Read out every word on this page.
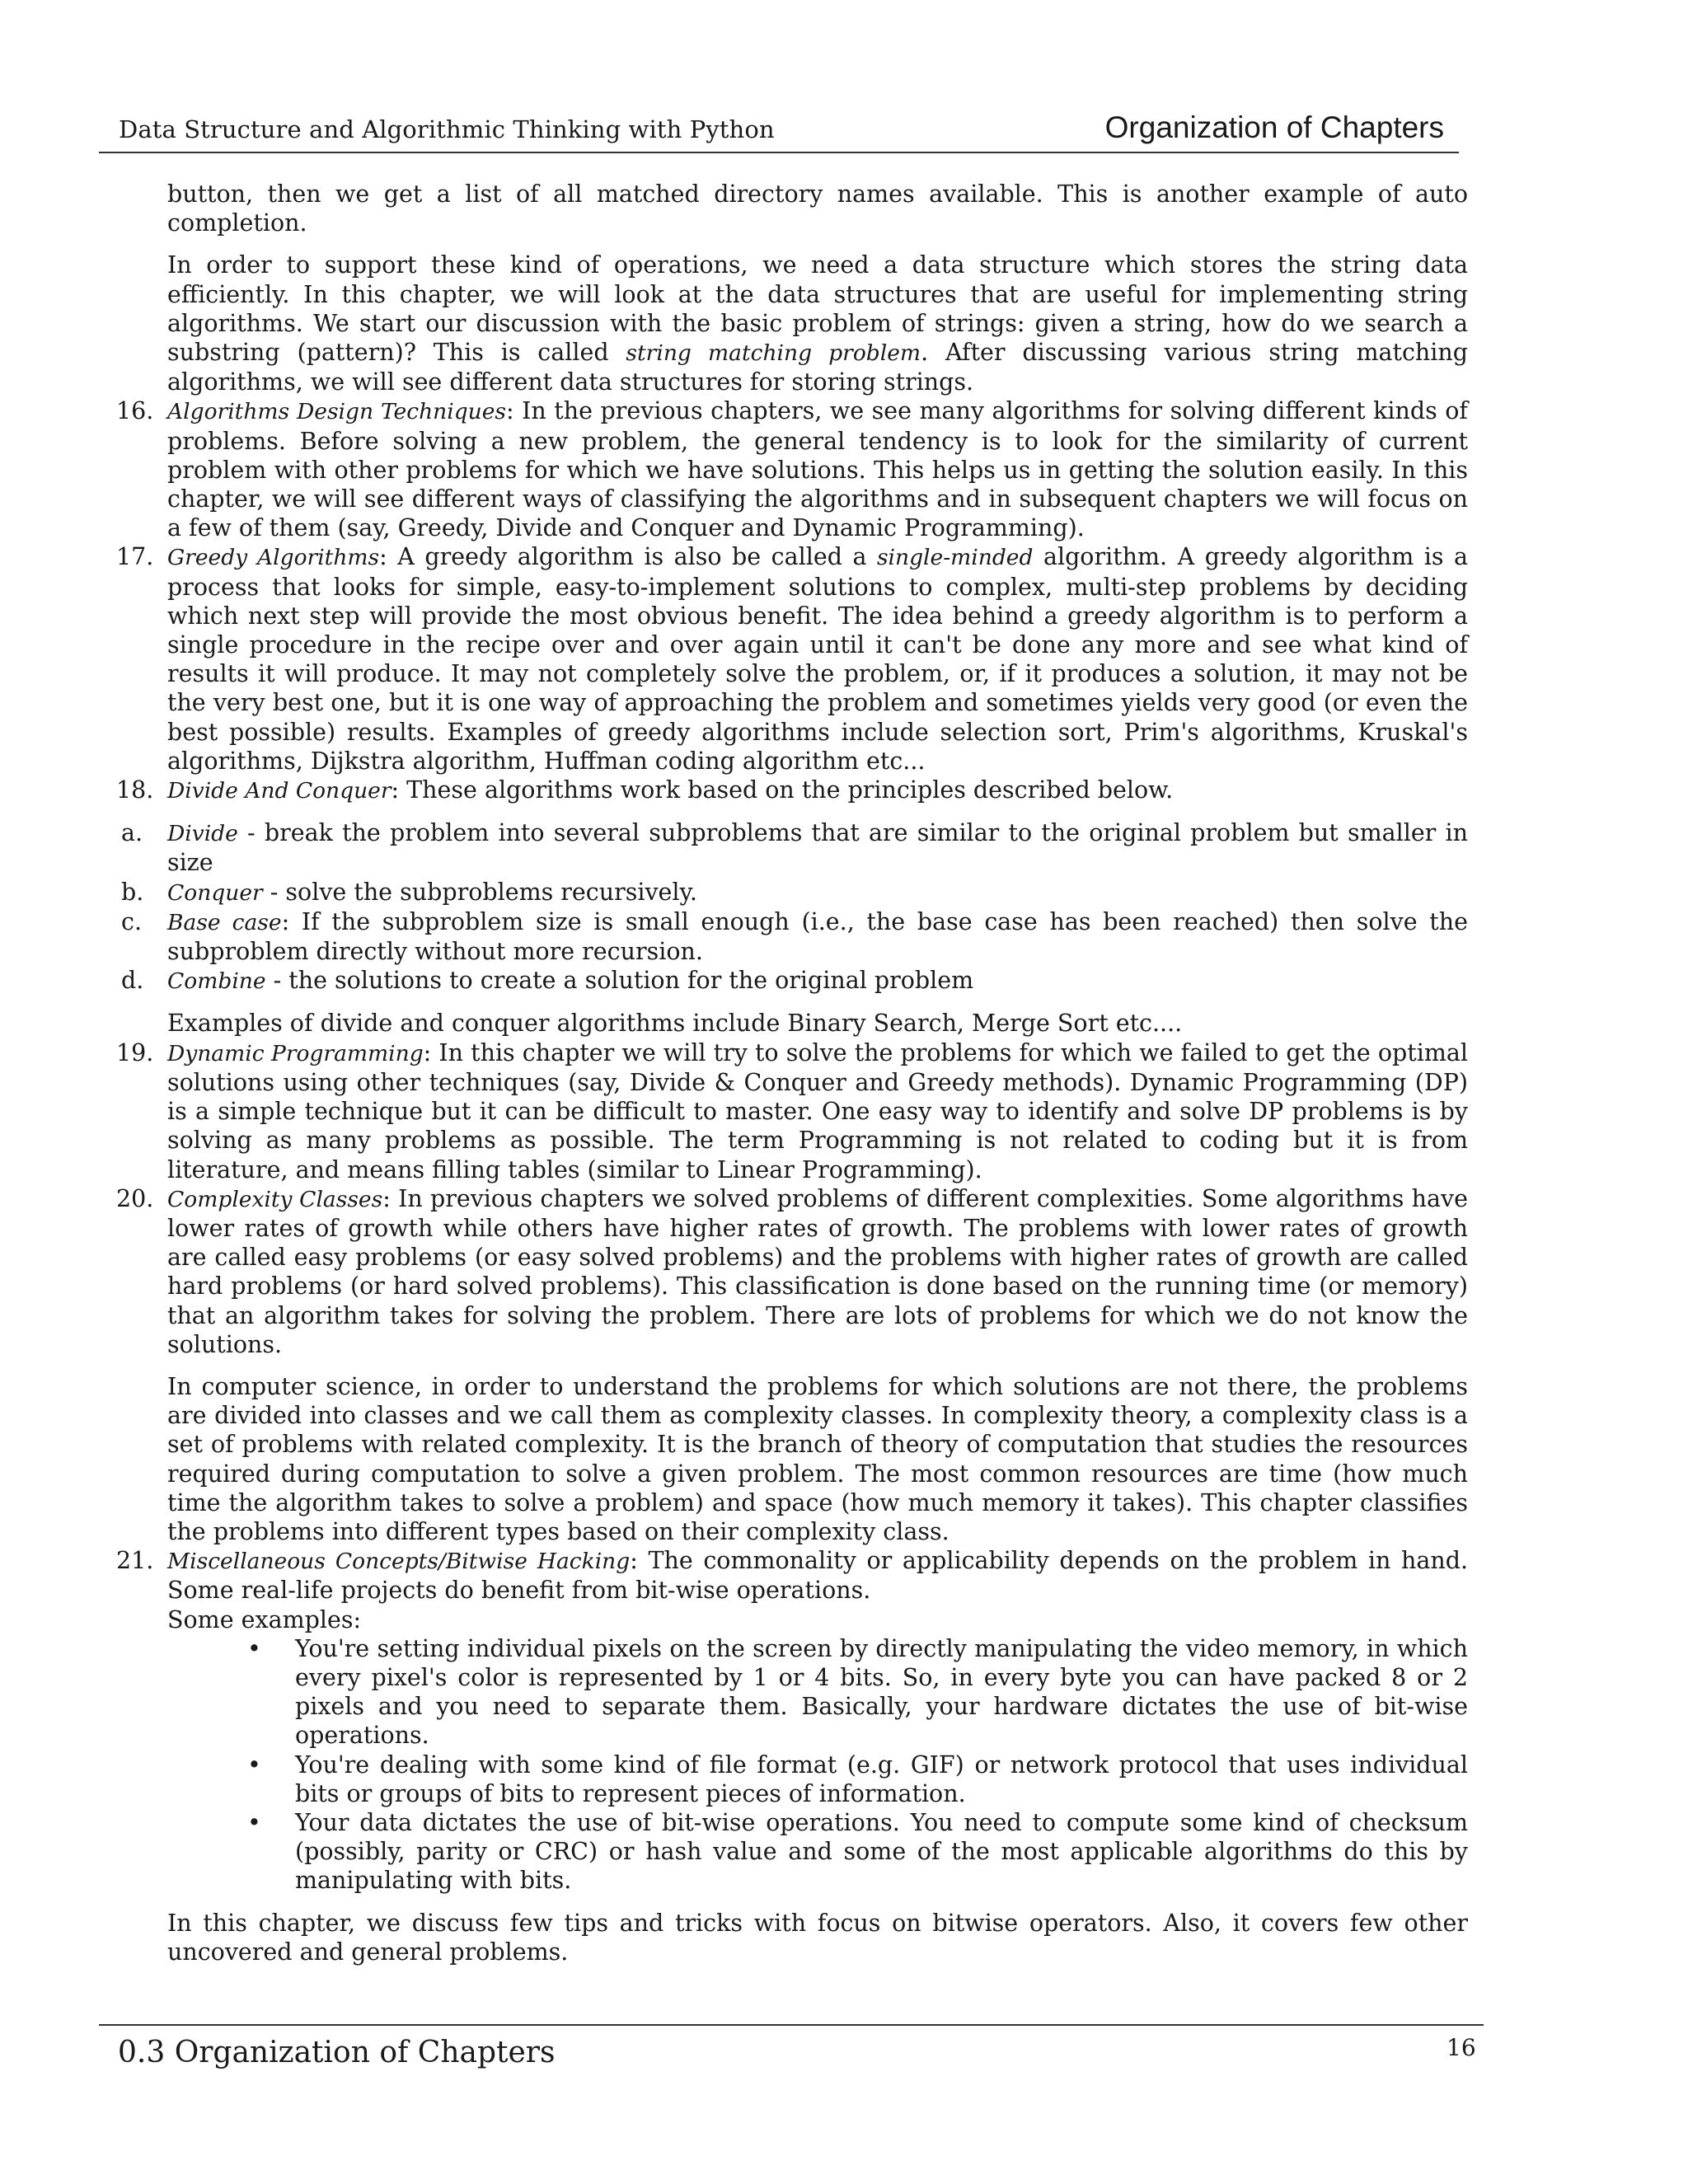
Data Structure and Algorithmic Thinking with Python	Organization of Chapters

button, then we get a list of all matched directory names available. This is another example of auto completion.

In order to support these kind of operations, we need a data structure which stores the string data efficiently. In this chapter, we will look at the data structures that are useful for implementing string algorithms. We start our discussion with the basic problem of strings: given a string, how do we search a substring (pattern)? This is called string matching problem. After discussing various string matching algorithms, we will see different data structures for storing strings.

16. Algorithms Design Techniques: In the previous chapters, we see many algorithms for solving different kinds of problems. Before solving a new problem, the general tendency is to look for the similarity of current problem with other problems for which we have solutions. This helps us in getting the solution easily. In this chapter, we will see different ways of classifying the algorithms and in subsequent chapters we will focus on a few of them (say, Greedy, Divide and Conquer and Dynamic Programming).

17. Greedy Algorithms: A greedy algorithm is also be called a single-minded algorithm. A greedy algorithm is a process that looks for simple, easy-to-implement solutions to complex, multi-step problems by deciding which next step will provide the most obvious benefit. The idea behind a greedy algorithm is to perform a single procedure in the recipe over and over again until it can't be done any more and see what kind of results it will produce. It may not completely solve the problem, or, if it produces a solution, it may not be the very best one, but it is one way of approaching the problem and sometimes yields very good (or even the best possible) results. Examples of greedy algorithms include selection sort, Prim's algorithms, Kruskal's algorithms, Dijkstra algorithm, Huffman coding algorithm etc...

18. Divide And Conquer: These algorithms work based on the principles described below.

a. Divide - break the problem into several subproblems that are similar to the original problem but smaller in size

b. Conquer - solve the subproblems recursively.

c. Base case: If the subproblem size is small enough (i.e., the base case has been reached) then solve the subproblem directly without more recursion.

d. Combine - the solutions to create a solution for the original problem

Examples of divide and conquer algorithms include Binary Search, Merge Sort etc....

19. Dynamic Programming: In this chapter we will try to solve the problems for which we failed to get the optimal solutions using other techniques (say, Divide & Conquer and Greedy methods). Dynamic Programming (DP) is a simple technique but it can be difficult to master. One easy way to identify and solve DP problems is by solving as many problems as possible. The term Programming is not related to coding but it is from literature, and means filling tables (similar to Linear Programming).

20. Complexity Classes: In previous chapters we solved problems of different complexities. Some algorithms have lower rates of growth while others have higher rates of growth. The problems with lower rates of growth are called easy problems (or easy solved problems) and the problems with higher rates of growth are called hard problems (or hard solved problems). This classification is done based on the running time (or memory) that an algorithm takes for solving the problem. There are lots of problems for which we do not know the solutions.

In computer science, in order to understand the problems for which solutions are not there, the problems are divided into classes and we call them as complexity classes. In complexity theory, a complexity class is a set of problems with related complexity. It is the branch of theory of computation that studies the resources required during computation to solve a given problem. The most common resources are time (how much time the algorithm takes to solve a problem) and space (how much memory it takes). This chapter classifies the problems into different types based on their complexity class.

21. Miscellaneous Concepts/Bitwise Hacking: The commonality or applicability depends on the problem in hand. Some real-life projects do benefit from bit-wise operations.

Some examples:

• You're setting individual pixels on the screen by directly manipulating the video memory, in which every pixel's color is represented by 1 or 4 bits. So, in every byte you can have packed 8 or 2 pixels and you need to separate them. Basically, your hardware dictates the use of bit-wise operations.

• You're dealing with some kind of file format (e.g. GIF) or network protocol that uses individual bits or groups of bits to represent pieces of information.

• Your data dictates the use of bit-wise operations. You need to compute some kind of checksum (possibly, parity or CRC) or hash value and some of the most applicable algorithms do this by manipulating with bits.

In this chapter, we discuss few tips and tricks with focus on bitwise operators. Also, it covers few other uncovered and general problems.

0.3 Organization of Chapters	16
